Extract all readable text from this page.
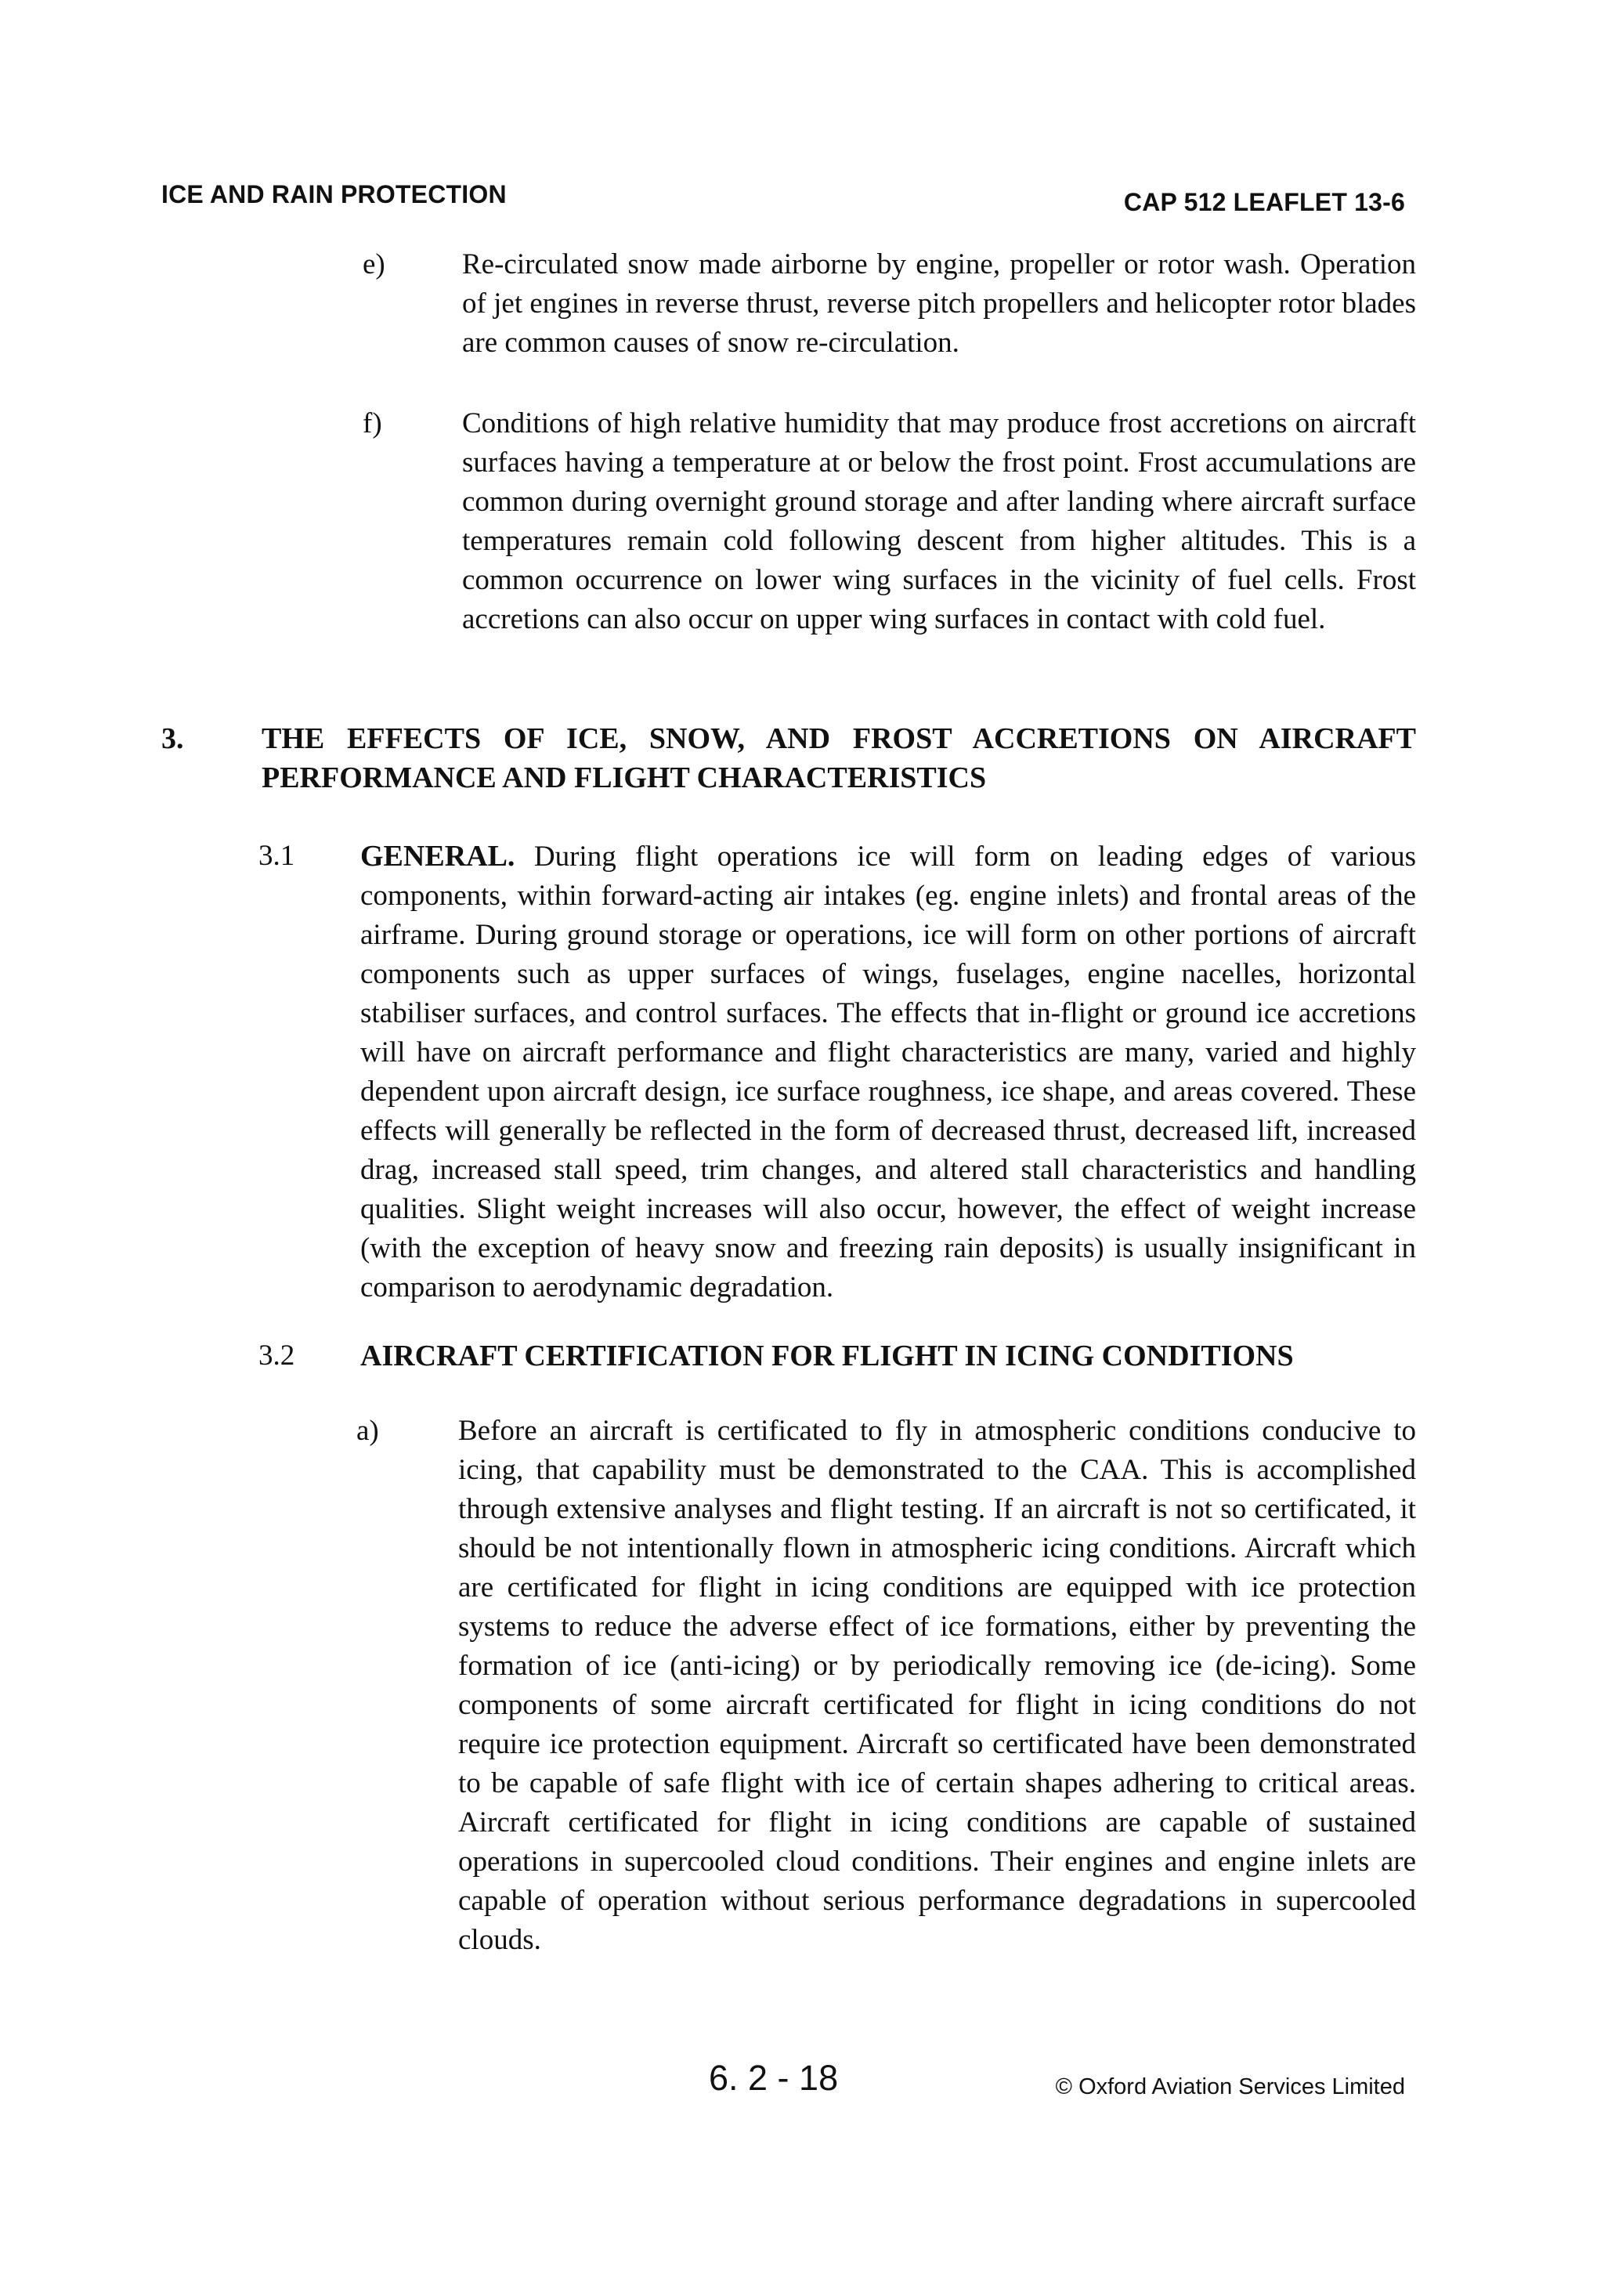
ICE AND RAIN PROTECTION	CAP 512 LEAFLET 13-6
e)	Re-circulated snow made airborne by engine, propeller or rotor wash. Operation of jet engines in reverse thrust, reverse pitch propellers and helicopter rotor blades are common causes of snow re-circulation.
f)	Conditions of high relative humidity that may produce frost accretions on aircraft surfaces having a temperature at or below the frost point. Frost accumulations are common during overnight ground storage and after landing where aircraft surface temperatures remain cold following descent from higher altitudes. This is a common occurrence on lower wing surfaces in the vicinity of fuel cells. Frost accretions can also occur on upper wing surfaces in contact with cold fuel.
3.	THE EFFECTS OF ICE, SNOW, AND FROST ACCRETIONS ON AIRCRAFT PERFORMANCE AND FLIGHT CHARACTERISTICS
3.1 GENERAL. During flight operations ice will form on leading edges of various components, within forward-acting air intakes (eg. engine inlets) and frontal areas of the airframe. During ground storage or operations, ice will form on other portions of aircraft components such as upper surfaces of wings, fuselages, engine nacelles, horizontal stabiliser surfaces, and control surfaces. The effects that in-flight or ground ice accretions will have on aircraft performance and flight characteristics are many, varied and highly dependent upon aircraft design, ice surface roughness, ice shape, and areas covered. These effects will generally be reflected in the form of decreased thrust, decreased lift, increased drag, increased stall speed, trim changes, and altered stall characteristics and handling qualities. Slight weight increases will also occur, however, the effect of weight increase (with the exception of heavy snow and freezing rain deposits) is usually insignificant in comparison to aerodynamic degradation.
3.2 AIRCRAFT CERTIFICATION FOR FLIGHT IN ICING CONDITIONS
a)	Before an aircraft is certificated to fly in atmospheric conditions conducive to icing, that capability must be demonstrated to the CAA. This is accomplished through extensive analyses and flight testing. If an aircraft is not so certificated, it should be not intentionally flown in atmospheric icing conditions. Aircraft which are certificated for flight in icing conditions are equipped with ice protection systems to reduce the adverse effect of ice formations, either by preventing the formation of ice (anti-icing) or by periodically removing ice (de-icing). Some components of some aircraft certificated for flight in icing conditions do not require ice protection equipment. Aircraft so certificated have been demonstrated to be capable of safe flight with ice of certain shapes adhering to critical areas. Aircraft certificated for flight in icing conditions are capable of sustained operations in supercooled cloud conditions. Their engines and engine inlets are capable of operation without serious performance degradations in supercooled clouds.
6. 2 - 18	© Oxford Aviation Services Limited
